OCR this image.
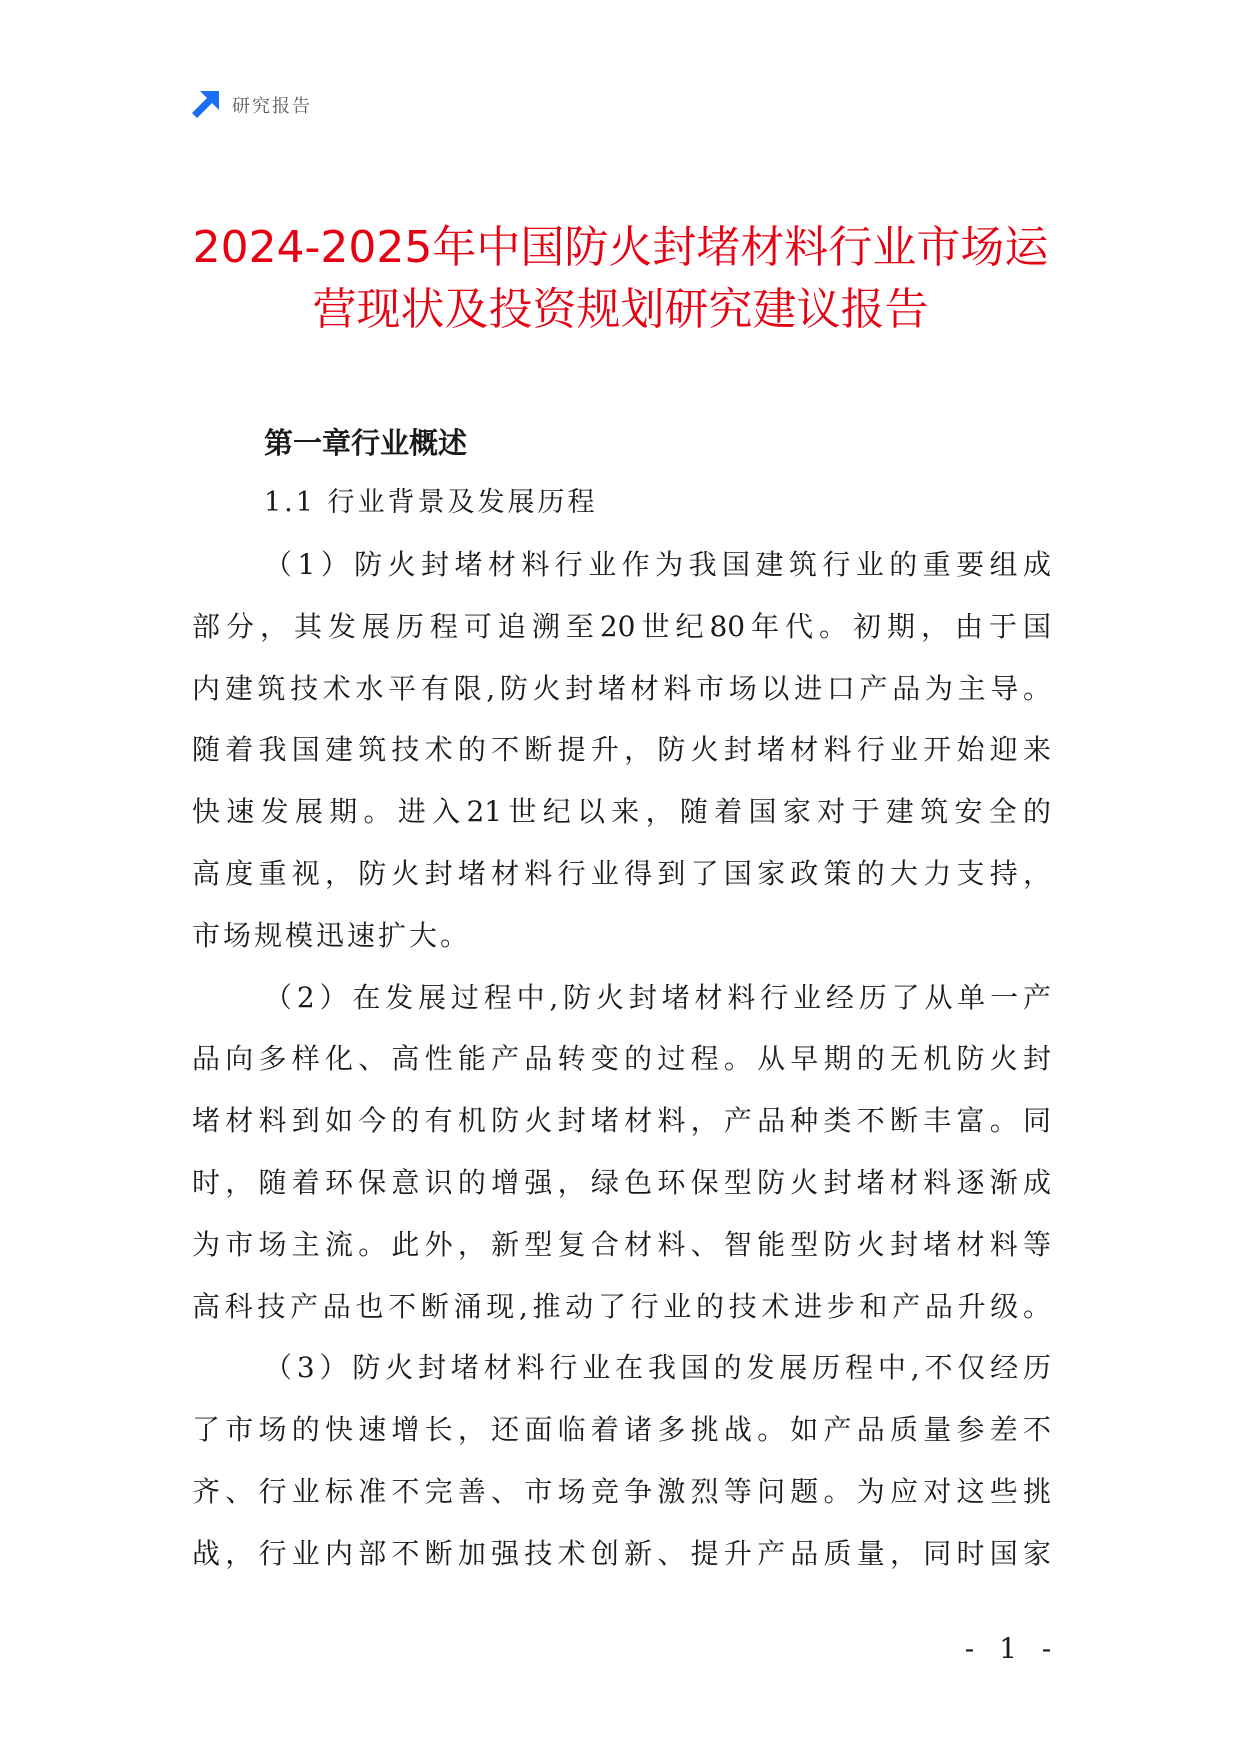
研究报告
2024-2025年中国防火封堵材料行业市场运
营现状及投资规划研究建议报告
第一章行业概述
1.1 行业背景及发展历程
（1）防火封堵材料行业作为我国建筑行业的重要组成
部分，其发展历程可追溯至20世纪80年代。初期，由于国
内建筑技术水平有限,防火封堵材料市场以进口产品为主导。
随着我国建筑技术的不断提升，防火封堵材料行业开始迎来
快速发展期。进入21世纪以来，随着国家对于建筑安全的
高度重视，防火封堵材料行业得到了国家政策的大力支持，
市场规模迅速扩大。
（2）在发展过程中,防火封堵材料行业经历了从单一产
品向多样化、高性能产品转变的过程。从早期的无机防火封
堵材料到如今的有机防火封堵材料，产品种类不断丰富。同
时，随着环保意识的增强，绿色环保型防火封堵材料逐渐成
为市场主流。此外，新型复合材料、智能型防火封堵材料等
高科技产品也不断涌现,推动了行业的技术进步和产品升级。
（3）防火封堵材料行业在我国的发展历程中,不仅经历
了市场的快速增长，还面临着诸多挑战。如产品质量参差不
齐、行业标准不完善、市场竞争激烈等问题。为应对这些挑
战，行业内部不断加强技术创新、提升产品质量，同时国家
- 1 -
